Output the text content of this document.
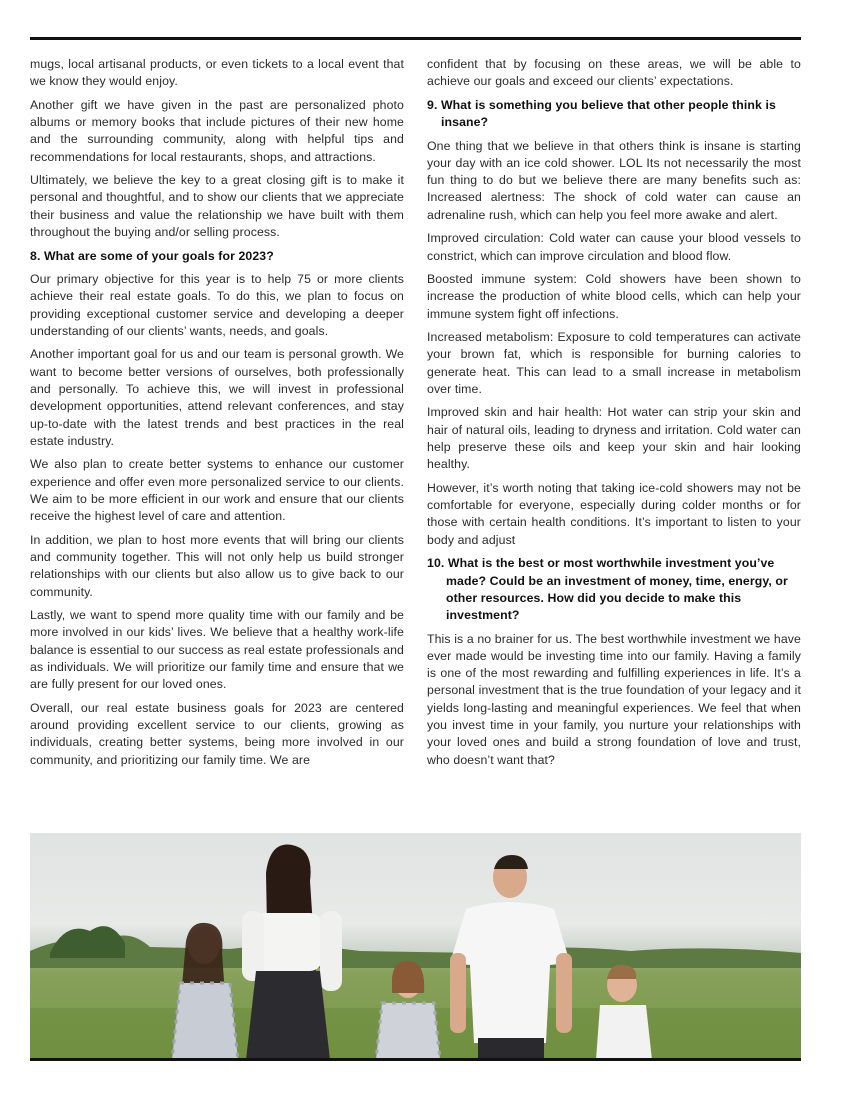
mugs, local artisanal products, or even tickets to a local event that we know they would enjoy.

Another gift we have given in the past are personalized photo albums or memory books that include pictures of their new home and the surrounding community, along with helpful tips and recommendations for local restaurants, shops, and attractions.

Ultimately, we believe the key to a great closing gift is to make it personal and thoughtful, and to show our clients that we appreciate their business and value the relationship we have built with them throughout the buying and/or selling process.

8. What are some of your goals for 2023?

Our primary objective for this year is to help 75 or more clients achieve their real estate goals. To do this, we plan to focus on providing exceptional customer service and developing a deeper understanding of our clients’ wants, needs, and goals.

Another important goal for us and our team is personal growth. We want to become better versions of ourselves, both professionally and personally. To achieve this, we will invest in professional development opportunities, attend relevant conferences, and stay up-to-date with the latest trends and best practices in the real estate industry.

We also plan to create better systems to enhance our customer experience and offer even more personalized service to our clients. We aim to be more efficient in our work and ensure that our clients receive the highest level of care and attention.

In addition, we plan to host more events that will bring our clients and community together. This will not only help us build stronger relationships with our clients but also allow us to give back to our community.

Lastly, we want to spend more quality time with our family and be more involved in our kids’ lives. We believe that a healthy work-life balance is essential to our success as real estate professionals and as individuals. We will prioritize our family time and ensure that we are fully present for our loved ones.

Overall, our real estate business goals for 2023 are centered around providing excellent service to our clients, growing as individuals, creating better systems, being more involved in our community, and prioritizing our family time. We are

confident that by focusing on these areas, we will be able to achieve our goals and exceed our clients’ expectations.

9. What is something you believe that other people think is insane?

One thing that we believe in that others think is insane is starting your day with an ice cold shower. LOL Its not necessarily the most fun thing to do but we believe there are many benefits such as: Increased alertness: The shock of cold water can cause an adrenaline rush, which can help you feel more awake and alert.

Improved circulation: Cold water can cause your blood vessels to constrict, which can improve circulation and blood flow.

Boosted immune system: Cold showers have been shown to increase the production of white blood cells, which can help your immune system fight off infections.

Increased metabolism: Exposure to cold temperatures can activate your brown fat, which is responsible for burning calories to generate heat. This can lead to a small increase in metabolism over time.

Improved skin and hair health: Hot water can strip your skin and hair of natural oils, leading to dryness and irritation. Cold water can help preserve these oils and keep your skin and hair looking healthy.

However, it’s worth noting that taking ice-cold showers may not be comfortable for everyone, especially during colder months or for those with certain health conditions. It’s important to listen to your body and adjust

10. What is the best or most worthwhile investment you’ve made? Could be an investment of money, time, energy, or other resources. How did you decide to make this investment?

This is a no brainer for us. The best worthwhile investment we have ever made would be investing time into our family. Having a family is one of the most rewarding and fulfilling experiences in life. It’s a personal investment that is the true foundation of your legacy and it yields long-lasting and meaningful experiences. We feel that when you invest time in your family, you nurture your relationships with your loved ones and build a strong foundation of love and trust, who doesn’t want that?
